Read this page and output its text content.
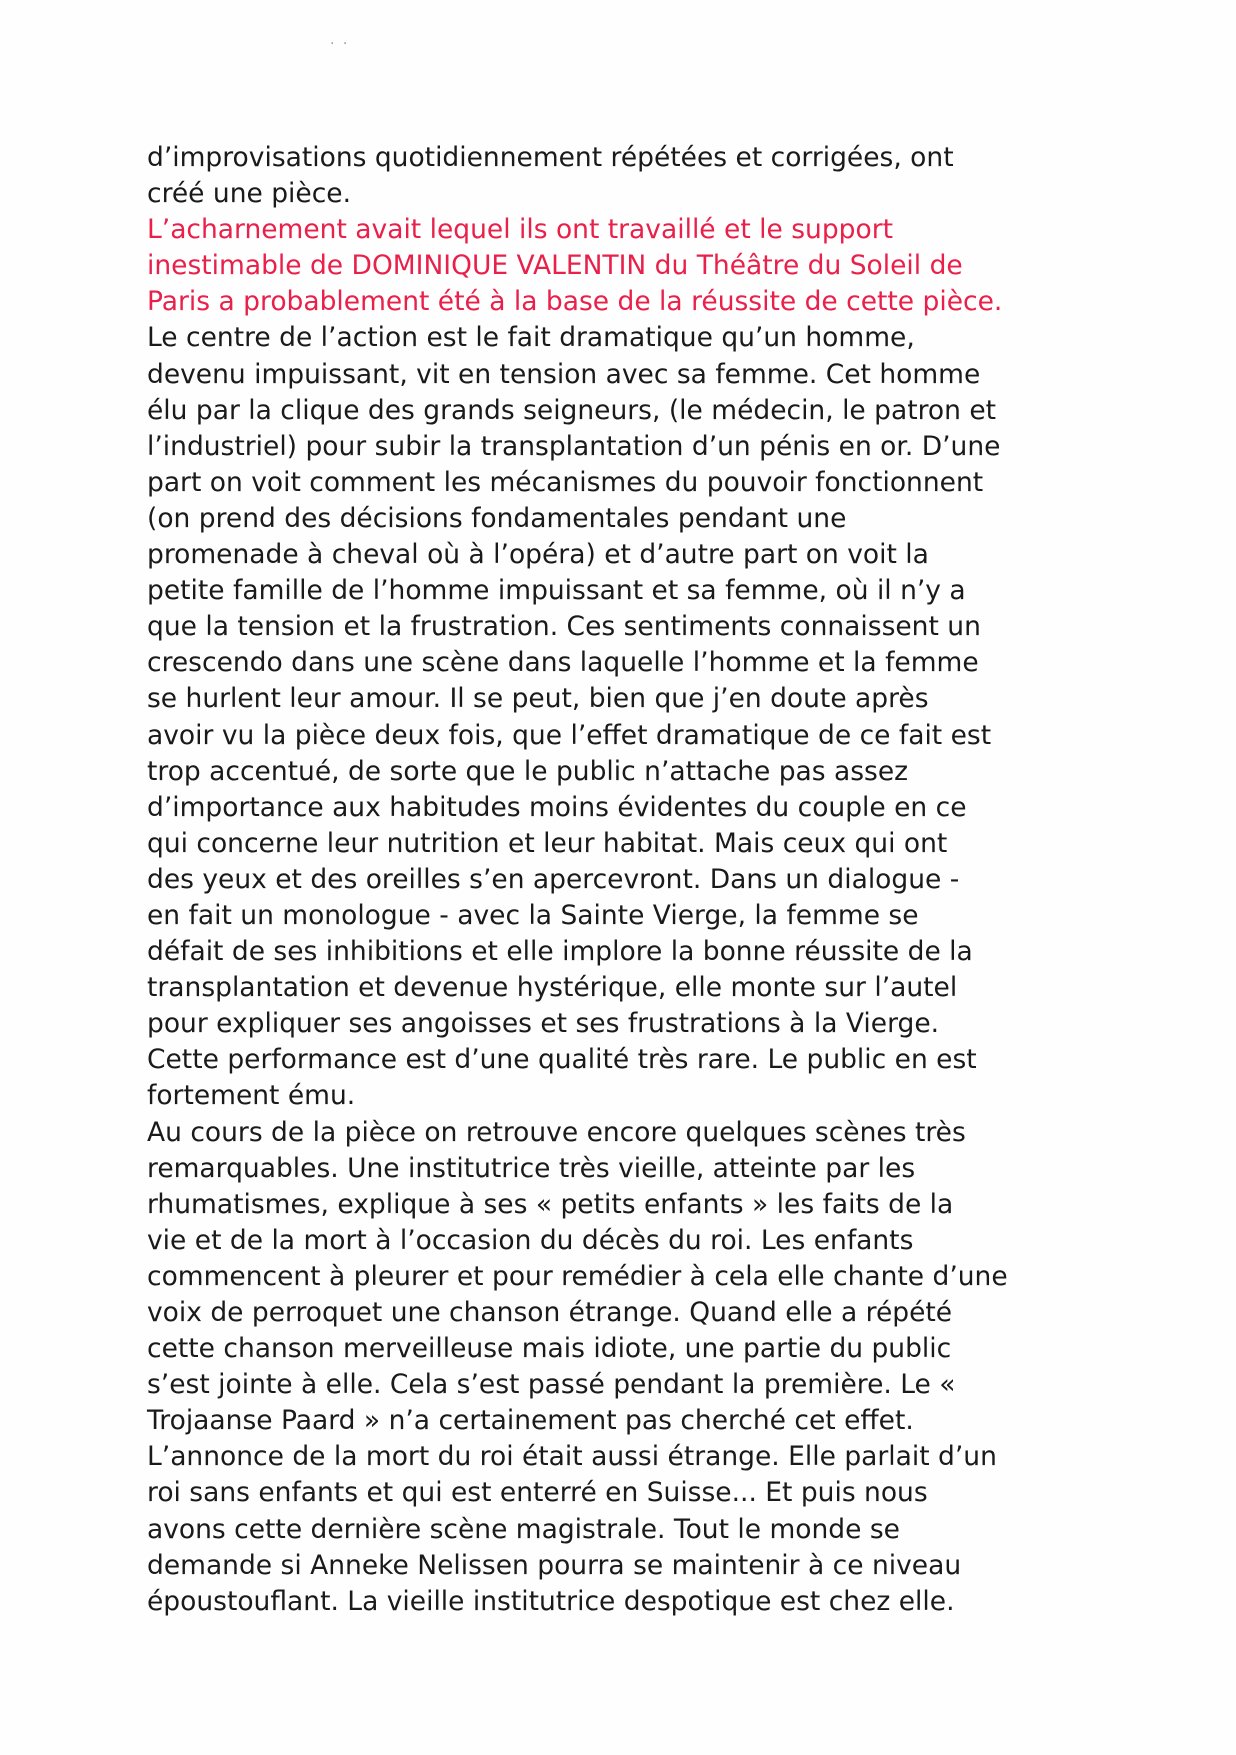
· ·
d’improvisations quotidiennement répétées et corrigées, ont
créé une pièce.
L’acharnement avait lequel ils ont travaillé et le support
inestimable de DOMINIQUE VALENTIN du Théâtre du Soleil de
Paris a probablement été à la base de la réussite de cette pièce.
Le centre de l’action est le fait dramatique qu’un homme,
devenu impuissant, vit en tension avec sa femme. Cet homme
élu par la clique des grands seigneurs, (le médecin, le patron et
l’industriel) pour subir la transplantation d’un pénis en or. D’une
part on voit comment les mécanismes du pouvoir fonctionnent
(on prend des décisions fondamentales pendant une
promenade à cheval où à l’opéra) et d’autre part on voit la
petite famille de l’homme impuissant et sa femme, où il n’y a
que la tension et la frustration. Ces sentiments connaissent un
crescendo dans une scène dans laquelle l’homme et la femme
se hurlent leur amour. Il se peut, bien que j’en doute après
avoir vu la pièce deux fois, que l’effet dramatique de ce fait est
trop accentué, de sorte que le public n’attache pas assez
d’importance aux habitudes moins évidentes du couple en ce
qui concerne leur nutrition et leur habitat. Mais ceux qui ont
des yeux et des oreilles s’en apercevront. Dans un dialogue -
en fait un monologue - avec la Sainte Vierge, la femme se
défait de ses inhibitions et elle implore la bonne réussite de la
transplantation et devenue hystérique, elle monte sur l’autel
pour expliquer ses angoisses et ses frustrations à la Vierge.
Cette performance est d’une qualité très rare. Le public en est
fortement ému.
Au cours de la pièce on retrouve encore quelques scènes très
remarquables. Une institutrice très vieille, atteinte par les
rhumatismes, explique à ses « petits enfants » les faits de la
vie et de la mort à l’occasion du décès du roi. Les enfants
commencent à pleurer et pour remédier à cela elle chante d’une
voix de perroquet une chanson étrange. Quand elle a répété
cette chanson merveilleuse mais idiote, une partie du public
s’est jointe à elle. Cela s’est passé pendant la première. Le «
Trojaanse Paard » n’a certainement pas cherché cet effet.
L’annonce de la mort du roi était aussi étrange. Elle parlait d’un
roi sans enfants et qui est enterré en Suisse... Et puis nous
avons cette dernière scène magistrale. Tout le monde se
demande si Anneke Nelissen pourra se maintenir à ce niveau
époustouflant. La vieille institutrice despotique est chez elle.
